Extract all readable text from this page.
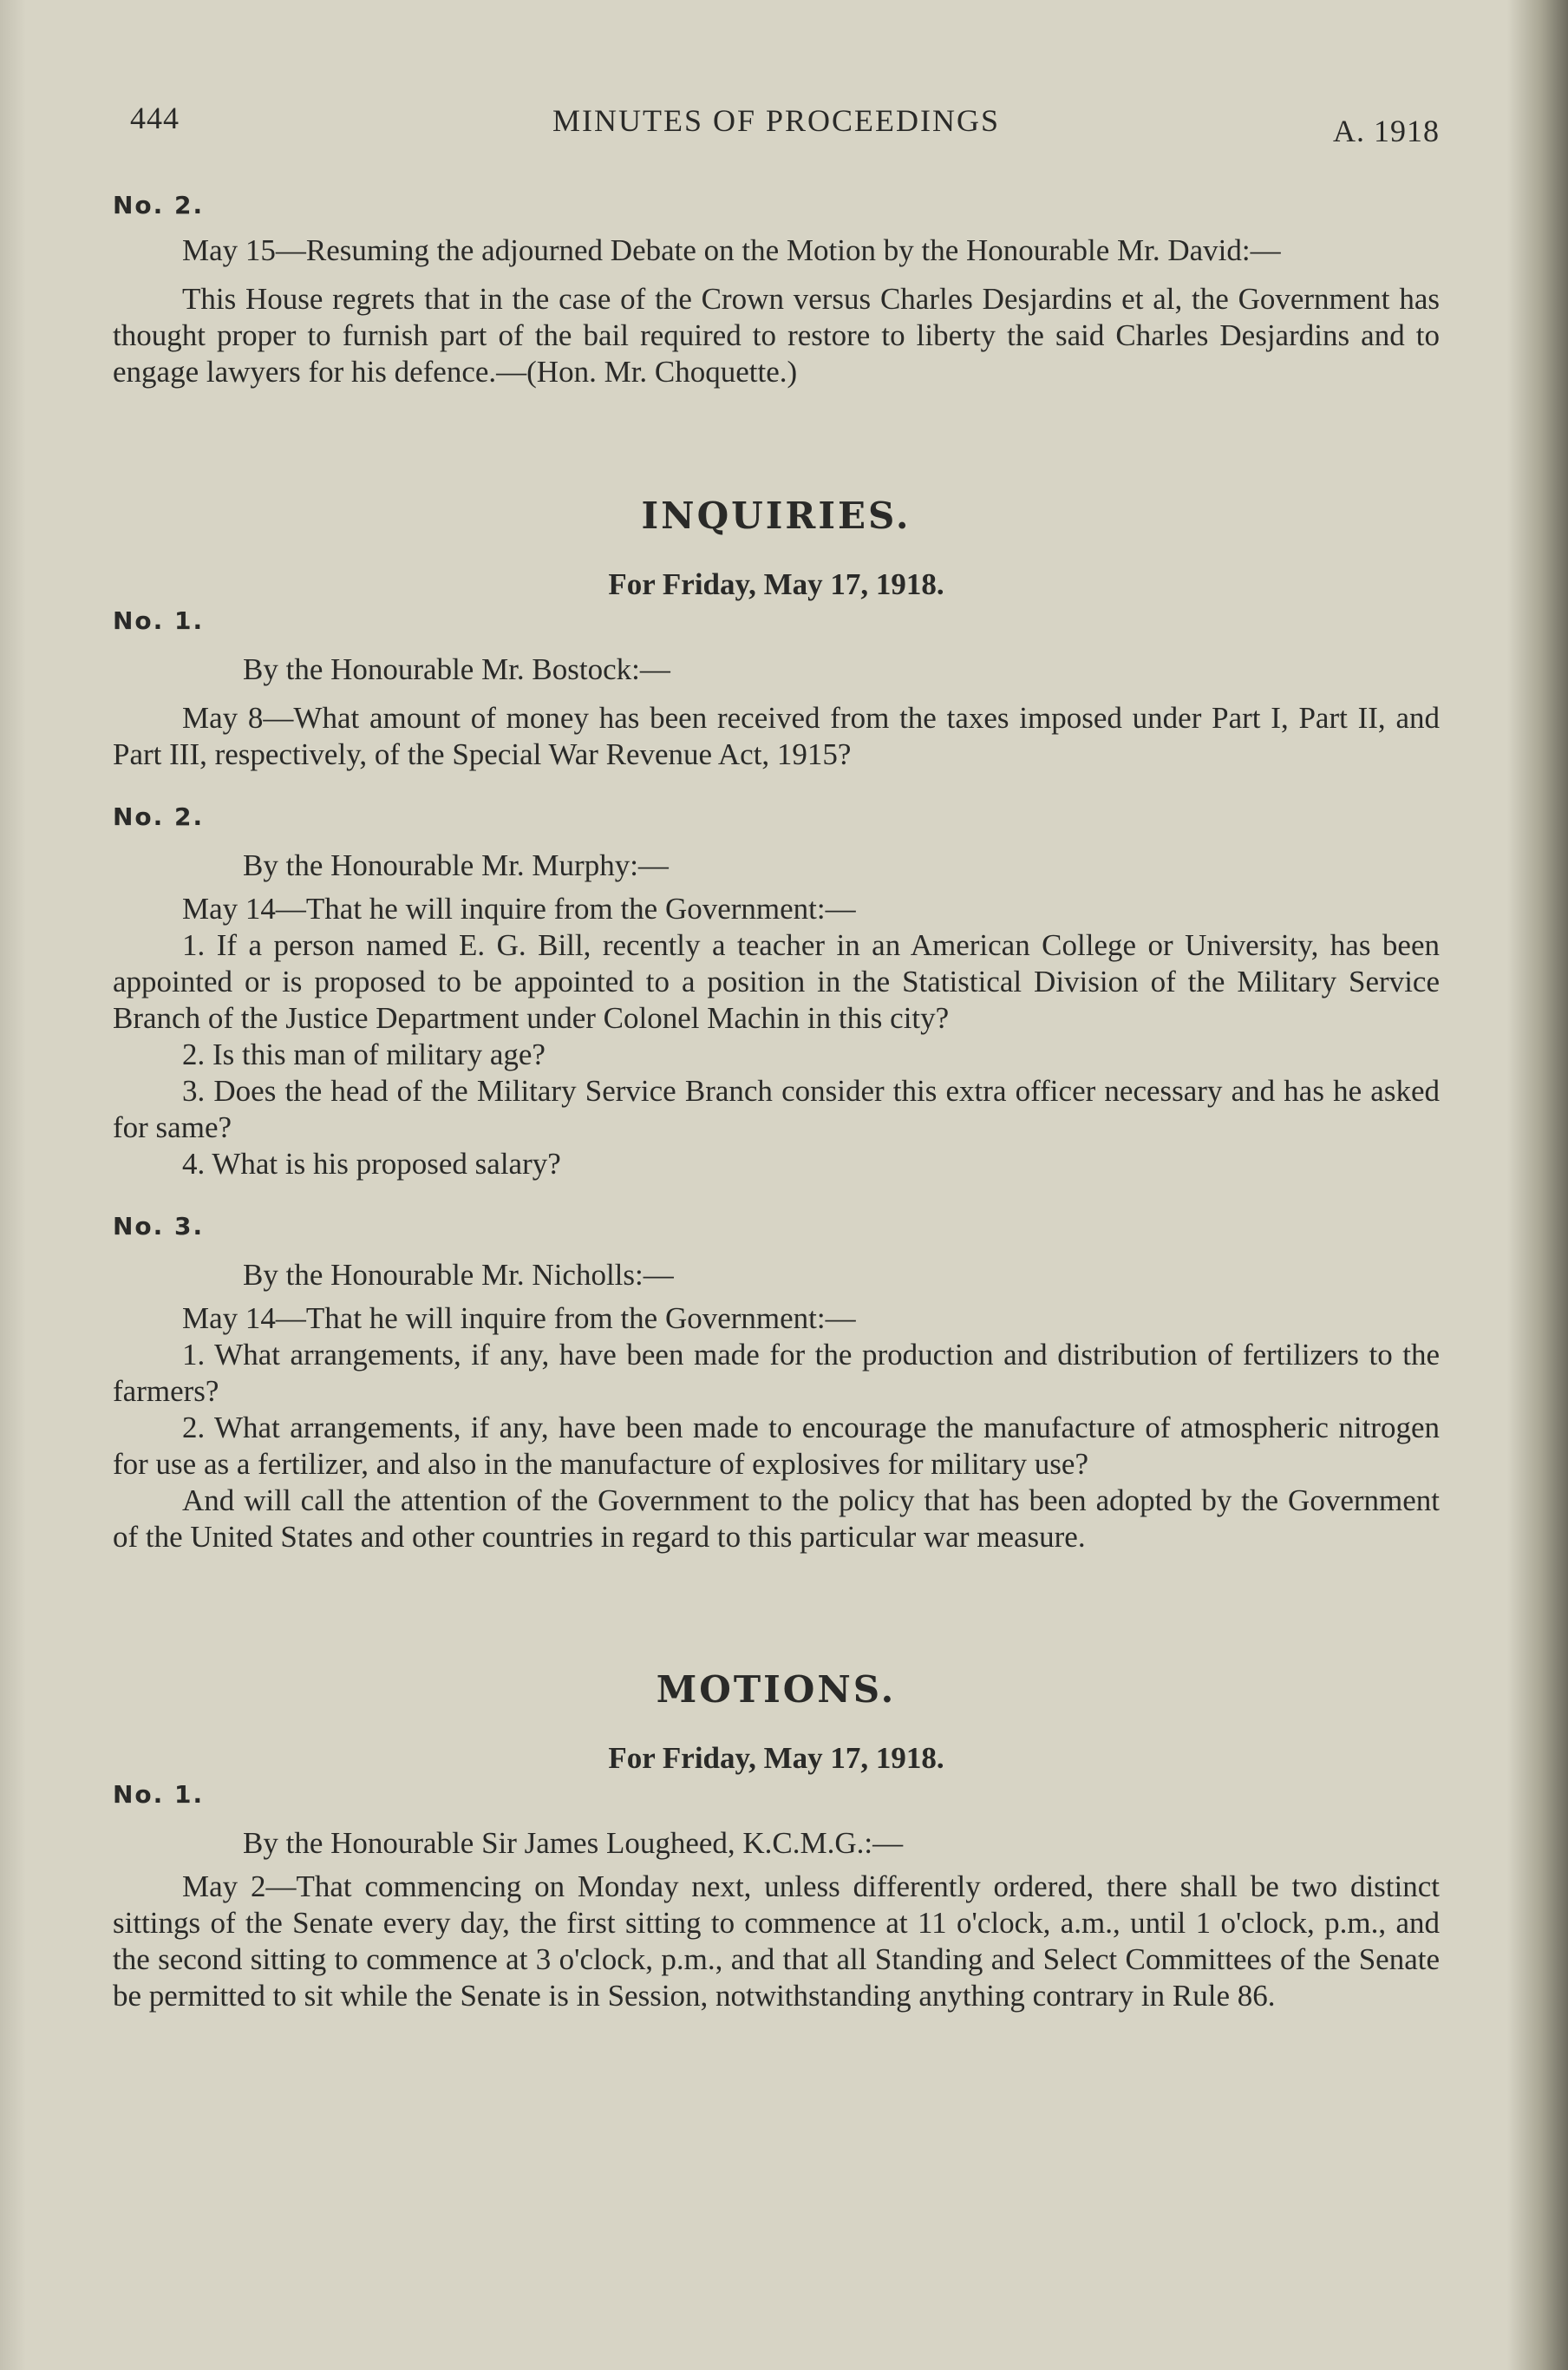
444	MINUTES OF PROCEEDINGS	A. 1918

No. 2.

May 15—Resuming the adjourned Debate on the Motion by the Honourable Mr. David:—

This House regrets that in the case of the Crown versus Charles Desjardins et al, the Government has thought proper to furnish part of the bail required to restore to liberty the said Charles Desjardins and to engage lawyers for his defence.—(Hon. Mr. Choquette.)

INQUIRIES.

For Friday, May 17, 1918.

No. 1.

By the Honourable Mr. Bostock:—

May 8—What amount of money has been received from the taxes imposed under Part I, Part II, and Part III, respectively, of the Special War Revenue Act, 1915?

No. 2.

By the Honourable Mr. Murphy:—

May 14—That he will inquire from the Government:—

1. If a person named E. G. Bill, recently a teacher in an American College or University, has been appointed or is proposed to be appointed to a position in the Statistical Division of the Military Service Branch of the Justice Department under Colonel Machin in this city?

2. Is this man of military age?

3. Does the head of the Military Service Branch consider this extra officer necessary and has he asked for same?

4. What is his proposed salary?

No. 3.

By the Honourable Mr. Nicholls:—

May 14—That he will inquire from the Government:—

1. What arrangements, if any, have been made for the production and distribution of fertilizers to the farmers?

2. What arrangements, if any, have been made to encourage the manufacture of atmospheric nitrogen for use as a fertilizer, and also in the manufacture of explosives for military use?

And will call the attention of the Government to the policy that has been adopted by the Government of the United States and other countries in regard to this particular war measure.

MOTIONS.

For Friday, May 17, 1918.

No. 1.

By the Honourable Sir James Lougheed, K.C.M.G.:—

May 2—That commencing on Monday next, unless differently ordered, there shall be two distinct sittings of the Senate every day, the first sitting to commence at 11 o'clock, a.m., until 1 o'clock, p.m., and the second sitting to commence at 3 o'clock, p.m., and that all Standing and Select Committees of the Senate be permitted to sit while the Senate is in Session, notwithstanding anything contrary in Rule 86.
